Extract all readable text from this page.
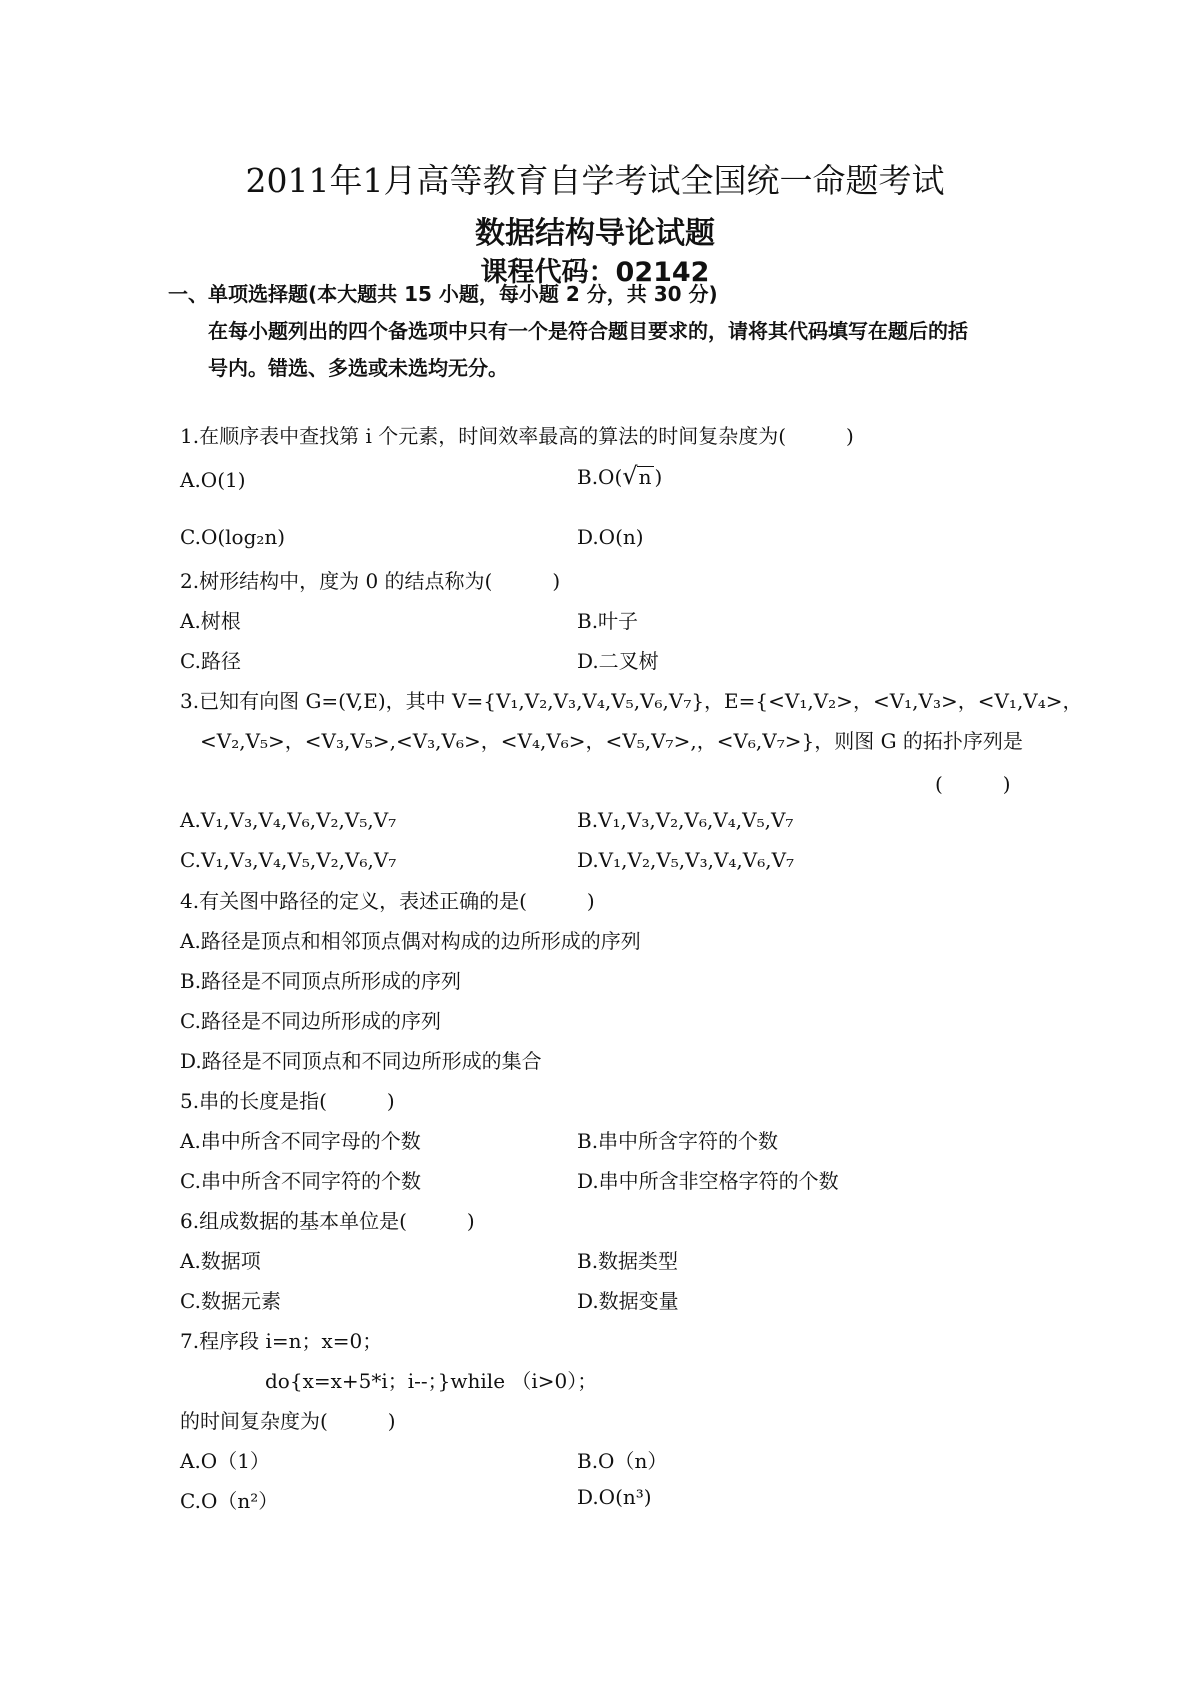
2011年1月高等教育自学考试全国统一命题考试
数据结构导论试题
课程代码：02142
一、单项选择题(本大题共 15 小题，每小题 2 分，共 30 分)
在每小题列出的四个备选项中只有一个是符合题目要求的，请将其代码填写在题后的括
号内。错选、多选或未选均无分。
1.在顺序表中查找第 i 个元素，时间效率最高的算法的时间复杂度为(　　　)
A.O(1)	B.O(√n )
C.O(log₂n)	D.O(n)
2.树形结构中，度为 0 的结点称为(　　　)
A.树根	B.叶子
C.路径	D.二叉树
3.已知有向图 G=(V,E)，其中 V={V₁,V₂,V₃,V₄,V₅,V₆,V₇}，E={<V₁,V₂>，<V₁,V₃>，<V₁,V₄>，
<V₂,V₅>，<V₃,V₅>,<V₃,V₆>，<V₄,V₆>，<V₅,V₇>,，<V₆,V₇>}，则图 G 的拓扑序列是
(　　　)
A.V₁,V₃,V₄,V₆,V₂,V₅,V₇	B.V₁,V₃,V₂,V₆,V₄,V₅,V₇
C.V₁,V₃,V₄,V₅,V₂,V₆,V₇	D.V₁,V₂,V₅,V₃,V₄,V₆,V₇
4.有关图中路径的定义，表述正确的是(　　　)
A.路径是顶点和相邻顶点偶对构成的边所形成的序列
B.路径是不同顶点所形成的序列
C.路径是不同边所形成的序列
D.路径是不同顶点和不同边所形成的集合
5.串的长度是指(　　　)
A.串中所含不同字母的个数	B.串中所含字符的个数
C.串中所含不同字符的个数	D.串中所含非空格字符的个数
6.组成数据的基本单位是(　　　)
A.数据项	B.数据类型
C.数据元素	D.数据变量
7.程序段 i=n；x=0；
do{x=x+5*i；i--；}while （i>0）；
的时间复杂度为(　　　)
A.O（1）	B.O（n）
C.O（n²）	D.O(n³)
